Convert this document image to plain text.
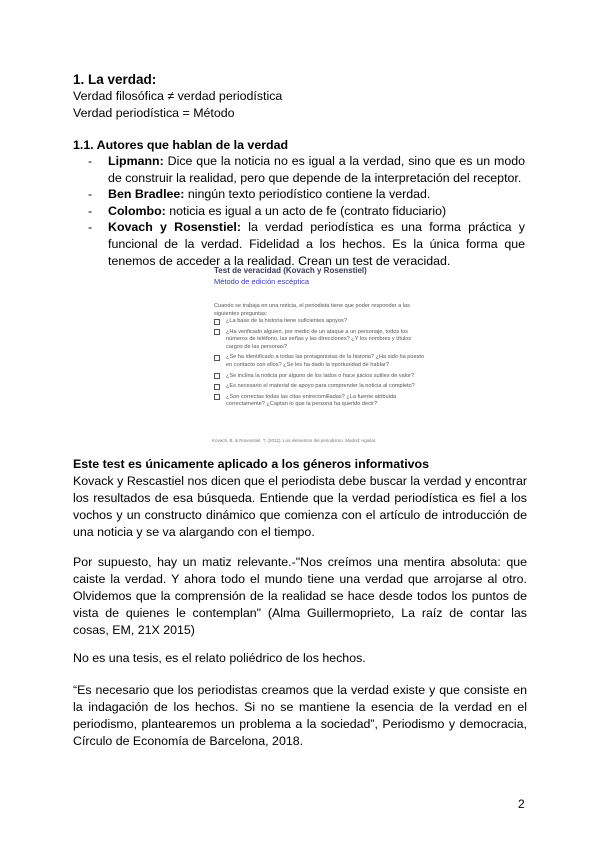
1. La verdad:
Verdad filosófica ≠ verdad periodística
Verdad periodística = Método
1.1. Autores que hablan de la verdad
-	Lipmann: Dice que la noticia no es igual a la verdad, sino que es un modo de construir la realidad, pero que depende de la interpretación del receptor.
-	Ben Bradlee: ningún texto periodístico contiene la verdad.
-	Colombo: noticia es igual a un acto de fe (contrato fiduciario)
-	Kovach y Rosenstiel: la verdad periodística es una forma práctica y funcional de la verdad. Fidelidad a los hechos. Es la única forma que tenemos de acceder a la realidad. Crean un test de veracidad.
Test de veracidad (Kovach y Rosenstiel)
Método de edición escéptica
Cuando se trabaja en una noticia, el periodista tiene que poder responder a las siguientes preguntas:
¿La base de la historia tiene suficientes apoyos?
¿Ha verificado alguien, por medio de un ataque a un personaje, todos los números de teléfono, las señas y las direcciones? ¿Y los nombres y títulos cargos de las personas?
¿Se ha identificado a todas las protagonistas de la historia? ¿Ha sido ha puesto en contacto con ellos? ¿Se les ha dado la oportunidad de hablar?
¿Se inclina la noticia por alguno de los lados o hace juicios sutiles de valor?
¿Es necesario el material de apoyo para comprender la noticia al completo?
¿Son correctas todas las citas entrecomilladas? ¿La fuente atribuida correctamente? ¿Captan lo que la persona ha querido decir?
Kovach, B. & Rosenstiel, T. (2012). Los elementos del periodismo. Madrid: Aguilar.
Este test es únicamente aplicado a los géneros informativos
Kovack y Rescastiel nos dicen que el periodista debe buscar la verdad y encontrar los resultados de esa búsqueda. Entiende que la verdad periodística es fiel a los vochos y un constructo dinámico que comienza con el artículo de introducción de una noticia y se va alargando con el tiempo.
Por supuesto, hay un matiz relevante.-"Nos creímos una mentira absoluta: que caiste la verdad. Y ahora todo el mundo tiene una verdad que arrojarse al otro. Olvidemos que la comprensión de la realidad se hace desde todos los puntos de vista de quienes le contemplan" (Alma Guillermoprieto, La raíz de contar las cosas, EM, 21X 2015)
No es una tesis, es el relato poliédrico de los hechos.
“Es necesario que los periodistas creamos que la verdad existe y que consiste en la indagación de los hechos. Si no se mantiene la esencia de la verdad en el periodismo, plantearemos un problema a la sociedad”, Periodismo y democracia, Círculo de Economía de Barcelona, 2018.
2
